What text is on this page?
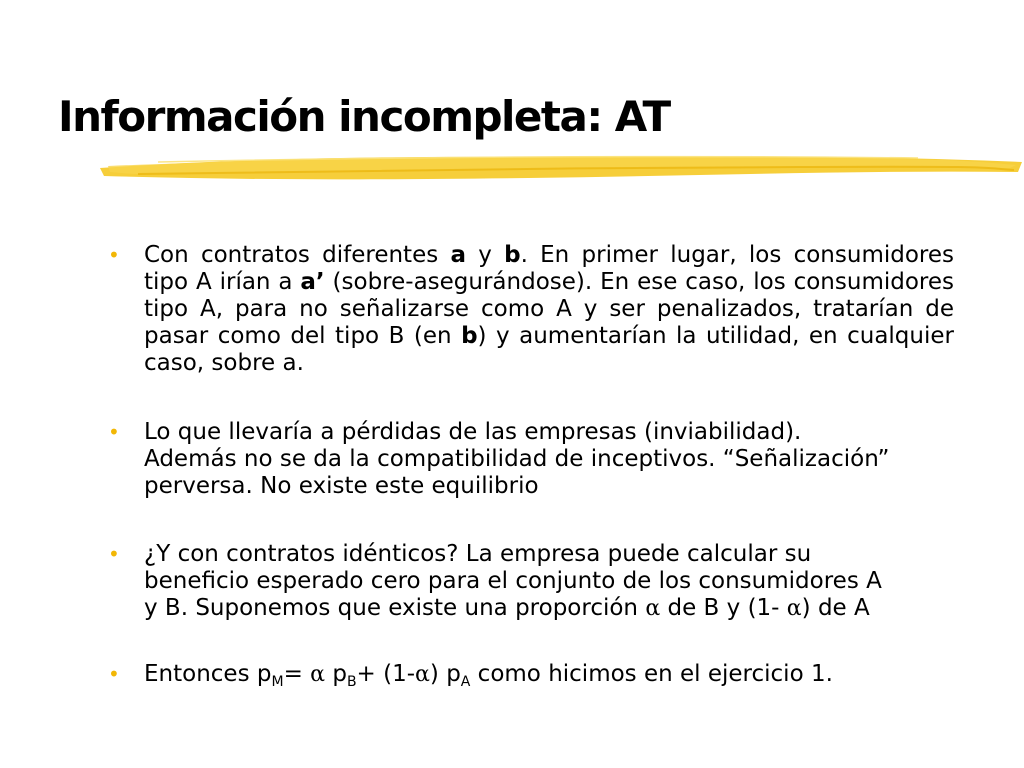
Información incompleta: AT
• Con contratos diferentes a y b. En primer lugar, los consumidores tipo A irían a a’ (sobre-asegurándose). En ese caso, los consumidores tipo A, para no señalizarse como A y ser penalizados, tratarían de pasar como del tipo B (en b) y aumentarían la utilidad, en cualquier caso, sobre a.
• Lo que llevaría a pérdidas de las empresas (inviabilidad).
Además no se da la compatibilidad de inceptivos. “Señalización”
perversa. No existe este equilibrio
• ¿Y con contratos idénticos? La empresa puede calcular su
beneficio esperado cero para el conjunto de los consumidores A
y B. Suponemos que existe una proporción α de B y (1- α) de A
• Entonces $p_M= \alpha$ $p_B+ (1-\alpha)$ $p_A$ como hicimos en el ejercicio 1.
